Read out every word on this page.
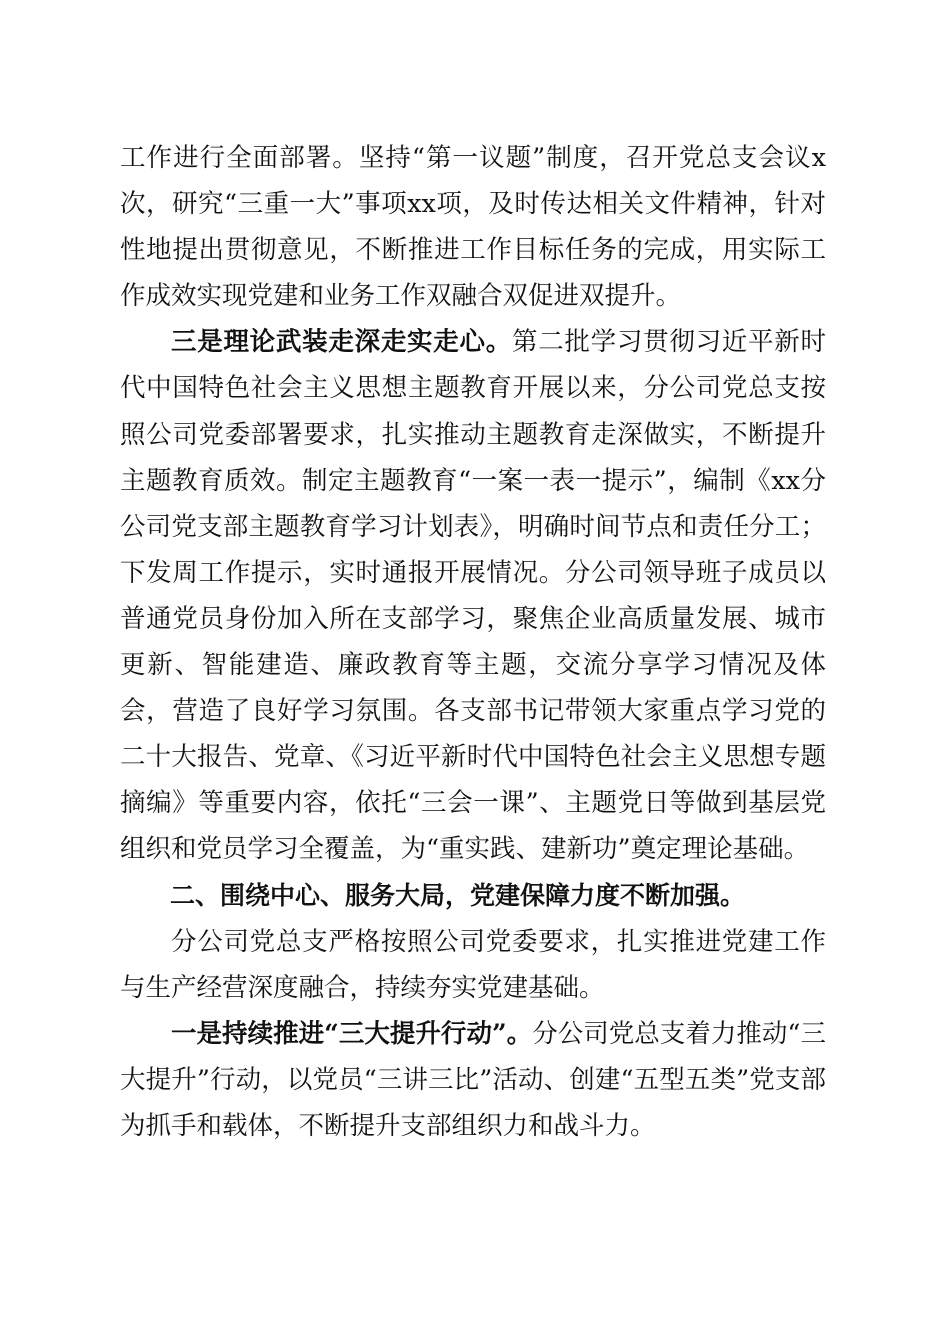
工作进行全面部署。坚持“第一议题”制度，召开党总支会议x次，研究“三重一大”事项xx项，及时传达相关文件精神，针对性地提出贯彻意见，不断推进工作目标任务的完成，用实际工作成效实现党建和业务工作双融合双促进双提升。

三是理论武装走深走实走心。第二批学习贯彻习近平新时代中国特色社会主义思想主题教育开展以来，分公司党总支按照公司党委部署要求，扎实推动主题教育走深做实，不断提升主题教育质效。制定主题教育“一案一表一提示”，编制《xx分公司党支部主题教育学习计划表》，明确时间节点和责任分工；下发周工作提示，实时通报开展情况。分公司领导班子成员以普通党员身份加入所在支部学习，聚焦企业高质量发展、城市更新、智能建造、廉政教育等主题，交流分享学习情况及体会，营造了良好学习氛围。各支部书记带领大家重点学习党的二十大报告、党章、《习近平新时代中国特色社会主义思想专题摘编》等重要内容，依托“三会一课”、主题党日等做到基层党组织和党员学习全覆盖，为“重实践、建新功”奠定理论基础。

二、围绕中心、服务大局，党建保障力度不断加强。

分公司党总支严格按照公司党委要求，扎实推进党建工作与生产经营深度融合，持续夯实党建基础。

一是持续推进“三大提升行动”。分公司党总支着力推动“三大提升”行动，以党员“三讲三比”活动、创建“五型五类”党支部为抓手和载体，不断提升支部组织力和战斗力。
